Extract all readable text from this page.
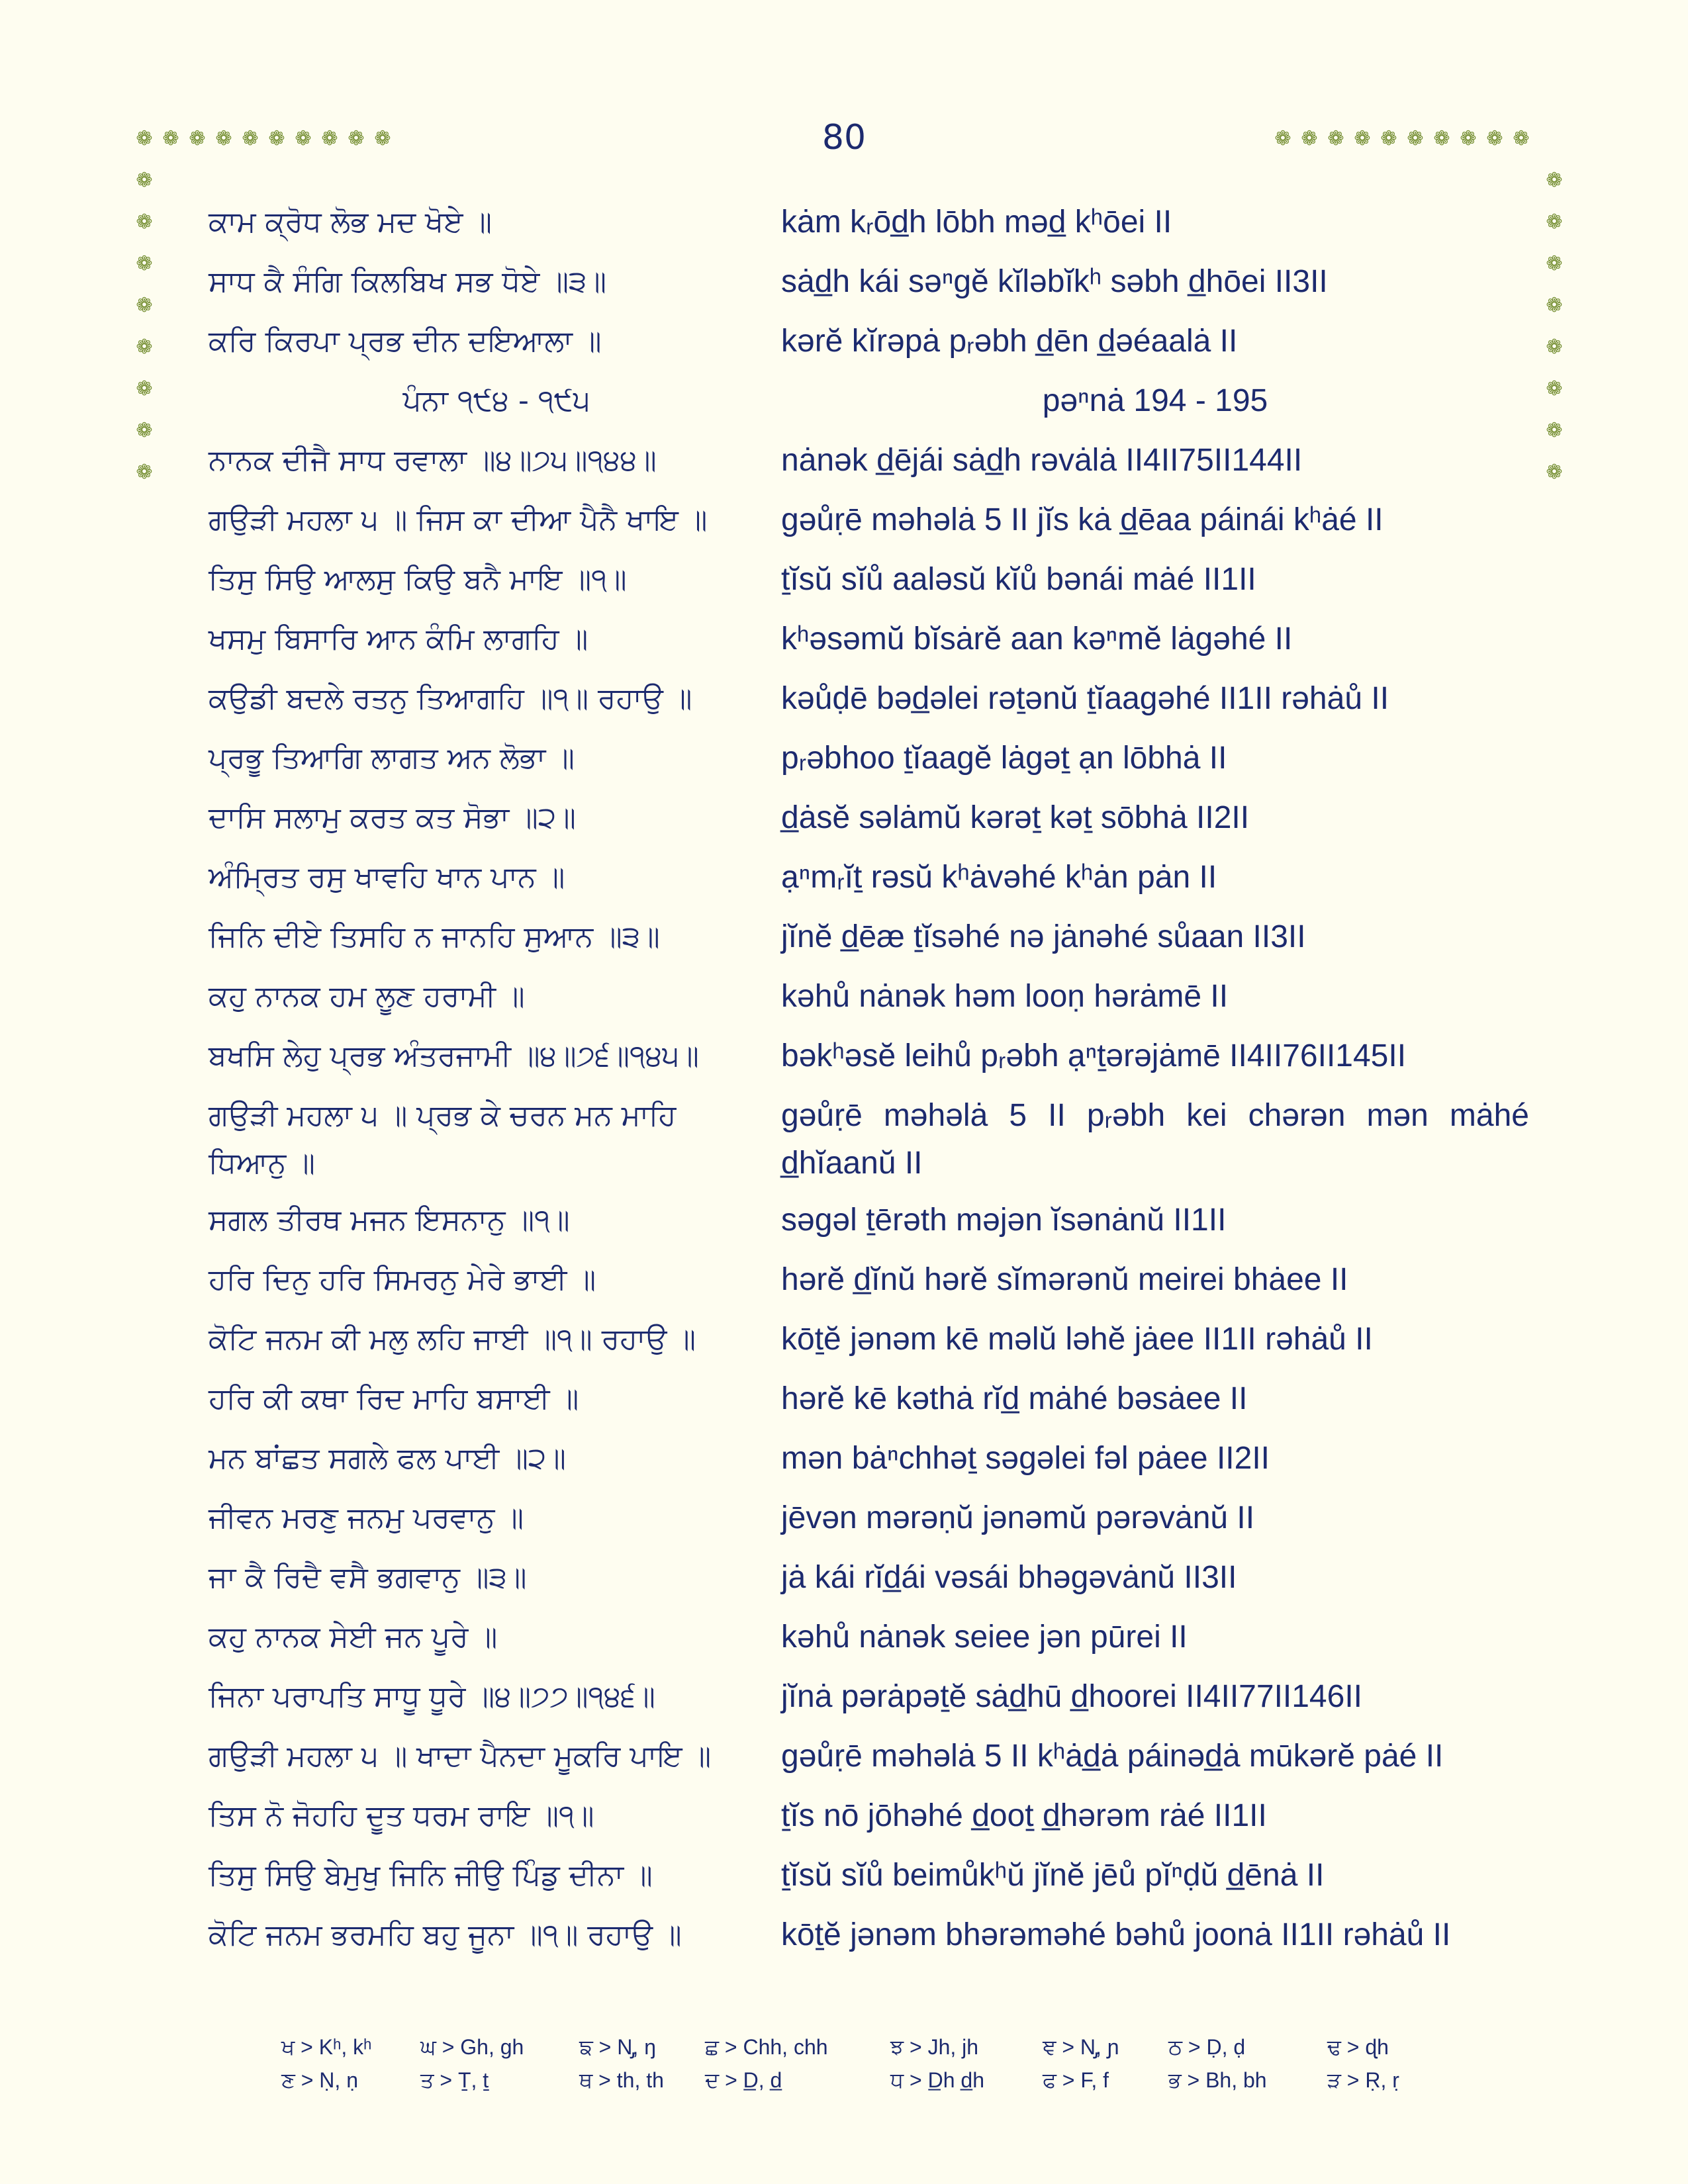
80
❁ ❁ ❁ ❁ ❁ ❁ ❁ ❁ ❁ ❁
❁
❁
❁
❁
❁
❁
❁
❁
❁ ❁ ❁ ❁ ❁ ❁ ❁ ❁ ❁ ❁
❁
❁
❁
❁
❁
❁
❁
❁
ਕਾਮ ਕ੍ਰੋਧ ਲੋਭ ਮਦ ਖੋਏ ॥	kȧm kᵣōd̲h lōbh məd̲ kʰōei II
ਸਾਧ ਕੈ ਸੰਗਿ ਕਿਲਬਿਖ ਸਭ ਧੋਏ ॥੩॥	sȧd̲h kái səⁿgĕ kĭləbĭkʰ səbh d̲hōei II3II
ਕਰਿ ਕਿਰਪਾ ਪ੍ਰਭ ਦੀਨ ਦਇਆਲਾ ॥	kərĕ kĭrəpȧ pᵣəbh d̲ēn d̲əéaalȧ II
ਪੰਨਾ ੧੯੪ - ੧੯੫	pəⁿnȧ 194 - 195
ਨਾਨਕ ਦੀਜੈ ਸਾਧ ਰਵਾਲਾ ॥੪॥੭੫॥੧੪੪॥	nȧnək d̲ējái sȧd̲h rəvȧlȧ II4II75II144II
ਗਉੜੀ ਮਹਲਾ ੫ ॥ ਜਿਸ ਕਾ ਦੀਆ ਪੈਨੈ ਖਾਇ ॥	gəůṛē məhəlȧ 5 II jĭs kȧ d̲ēaa páinái kʰȧé II
ਤਿਸੁ ਸਿਉ ਆਲਸੁ ਕਿਉ ਬਨੈ ਮਾਇ ॥੧॥	ṯĭsŭ sĭů aaləsŭ kĭů bənái mȧé II1II
ਖਸਮੁ ਬਿਸਾਰਿ ਆਨ ਕੰਮਿ ਲਾਗਹਿ ॥	kʰəsəmŭ bĭsȧrĕ aan kəⁿmĕ lȧgəhé II
ਕਉਡੀ ਬਦਲੇ ਰਤਨੁ ਤਿਆਗਹਿ ॥੧॥ ਰਹਾਉ ॥	kəůḍē bəd̲əlei rəṯənŭ ṯĭaagəhé II1II rəhȧů II
ਪ੍ਰਭੂ ਤਿਆਗਿ ਲਾਗਤ ਅਨ ਲੋਭਾ ॥	pᵣəbhoo ṯĭaagĕ lȧgəṯ ạn lōbhȧ II
ਦਾਸਿ ਸਲਾਮੁ ਕਰਤ ਕਤ ਸੋਭਾ ॥੨॥	d̲ȧsĕ səlȧmŭ kərəṯ kəṯ sōbhȧ II2II
ਅੰਮ੍ਰਿਤ ਰਸੁ ਖਾਵਹਿ ਖਾਨ ਪਾਨ ॥	ạⁿmᵣĭṯ rəsŭ kʰȧvəhé kʰȧn pȧn II
ਜਿਨਿ ਦੀਏ ਤਿਸਹਿ ਨ ਜਾਨਹਿ ਸੁਆਨ ॥੩॥	jĭnĕ d̲ēæ ṯĭsəhé nə jȧnəhé sůaan II3II
ਕਹੁ ਨਾਨਕ ਹਮ ਲੂਣ ਹਰਾਮੀ ॥	kəhů nȧnək həm looṇ hərȧmē II
ਬਖਸਿ ਲੇਹੁ ਪ੍ਰਭ ਅੰਤਰਜਾਮੀ ॥੪॥੭੬॥੧੪੫॥	bəkʰəsĕ leihů pᵣəbh ạⁿṯərəjȧmē II4II76II145II
ਗਉੜੀ ਮਹਲਾ ੫ ॥ ਪ੍ਰਭ ਕੇ ਚਰਨ ਮਨ ਮਾਹਿ ਧਿਆਨੁ ॥
gəůṛē məhəlȧ 5 II pᵣəbh kei chərən mən mȧhé d̲hĭaanŭ II
ਸਗਲ ਤੀਰਥ ਮਜਨ ਇਸਨਾਨੁ ॥੧॥	səgəl ṯērəth məjən ĭsənȧnŭ II1II
ਹਰਿ ਦਿਨੁ ਹਰਿ ਸਿਮਰਨੁ ਮੇਰੇ ਭਾਈ ॥	hərĕ d̲ĭnŭ hərĕ sĭmərənŭ meirei bhȧee II
ਕੋਟਿ ਜਨਮ ਕੀ ਮਲੁ ਲਹਿ ਜਾਈ ॥੧॥ ਰਹਾਉ ॥	kōṯĕ jənəm kē məlŭ ləhĕ jȧee II1II rəhȧů II
ਹਰਿ ਕੀ ਕਥਾ ਰਿਦ ਮਾਹਿ ਬਸਾਈ ॥	hərĕ kē kəthȧ rĭd̲ mȧhé bəsȧee II
ਮਨ ਬਾਂਛਤ ਸਗਲੇ ਫਲ ਪਾਈ ॥੨॥	mən bȧⁿchhəṯ səgəlei fəl pȧee II2II
ਜੀਵਨ ਮਰਣੁ ਜਨਮੁ ਪਰਵਾਨੁ ॥	jēvən mərəṇŭ jənəmŭ pərəvȧnŭ II
ਜਾ ਕੈ ਰਿਦੈ ਵਸੈ ਭਗਵਾਨੁ ॥੩॥	jȧ kái rĭd̲ái vəsái bhəgəvȧnŭ II3II
ਕਹੁ ਨਾਨਕ ਸੇਈ ਜਨ ਪੂਰੇ ॥	kəhů nȧnək seiee jən pūrei II
ਜਿਨਾ ਪਰਾਪਤਿ ਸਾਧੂ ਧੂਰੇ ॥੪॥੭੭॥੧੪੬॥	jĭnȧ pərȧpəṯĕ sȧd̲hū d̲hoorei II4II77II146II
ਗਉੜੀ ਮਹਲਾ ੫ ॥ ਖਾਦਾ ਪੈਨਦਾ ਮੂਕਰਿ ਪਾਇ ॥	gəůṛē məhəlȧ 5 II kʰȧd̲ȧ páinəd̲ȧ mūkərĕ pȧé II
ਤਿਸ ਨੋ ਜੋਹਹਿ ਦੂਤ ਧਰਮ ਰਾਇ ॥੧॥	ṯĭs nō jōhəhé d̲ooṯ d̲hərəm rȧé II1II
ਤਿਸੁ ਸਿਉ ਬੇਮੁਖੁ ਜਿਨਿ ਜੀਉ ਪਿੰਡੁ ਦੀਨਾ ॥	ṯĭsŭ sĭů beimůkʰŭ jĭnĕ jēů pĭⁿḍŭ d̲ēnȧ II
ਕੋਟਿ ਜਨਮ ਭਰਮਹਿ ਬਹੁ ਜੂਨਾ ॥੧॥ ਰਹਾਉ ॥	kōṯĕ jənəm bhərəməhé bəhů joonȧ II1II rəhȧů II
ਖ > Kʰ, kʰ ਘ > Gh, gh	ਙ > N̡, ŋ ਛ > Chh, chh	ਝ > Jh, jh	ਞ > N̡, ɲ ਠ > Ḍ, ḍ	ਢ > ɖh
ਣ > Ṇ, ṇ	ਤ > Ṯ, ṯ	ਥ > th, th ਦ > D̲, d̲	ਧ > D̲h d̲h	ਫ > F, f	ਭ > Bh, bh	ੜ > Ṛ, ṛ
